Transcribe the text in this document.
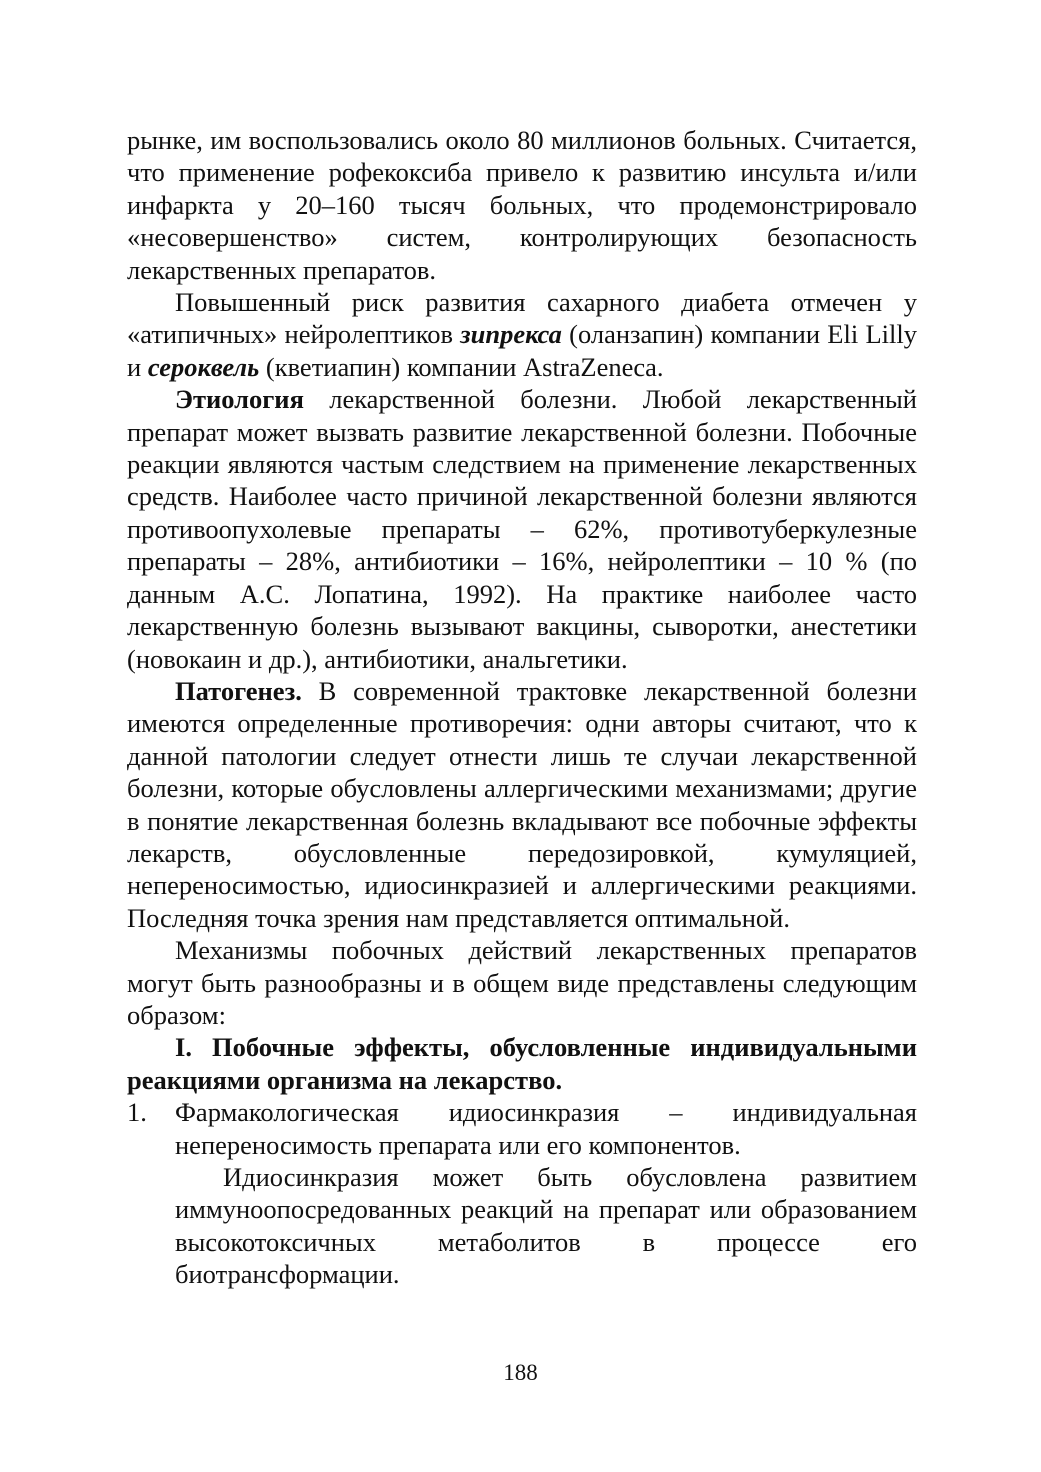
рынке, им воспользовались около 80 миллионов больных. Считается, что применение рофекоксиба привело к развитию инсульта и/или инфаркта у 20–160 тысяч больных, что продемонстрировало «несовершенство» систем, контролирующих безопасность лекарственных препаратов.

Повышенный риск развития сахарного диабета отмечен у «атипичных» нейролептиков зипрекса (оланзапин) компании Eli Lilly и сероквель (кветиапин) компании AstraZeneca.

Этиология лекарственной болезни. Любой лекарственный препарат может вызвать развитие лекарственной болезни. Побочные реакции являются частым следствием на применение лекарственных средств. Наиболее часто причиной лекарственной болезни являются противоопухолевые препараты – 62%, противотуберкулезные препараты – 28%, антибиотики – 16%, нейролептики – 10 % (по данным А.С. Лопатина, 1992). На практике наиболее часто лекарственную болезнь вызывают вакцины, сыворотки, анестетики (новокаин и др.), антибиотики, анальгетики.

Патогенез. В современной трактовке лекарственной болезни имеются определенные противоречия: одни авторы считают, что к данной патологии следует отнести лишь те случаи лекарственной болезни, которые обусловлены аллергическими механизмами; другие в понятие лекарственная болезнь вкладывают все побочные эффекты лекарств, обусловленные передозировкой, кумуляцией, непереносимостью, идиосинкразией и аллергическими реакциями. Последняя точка зрения нам представляется оптимальной.

Механизмы побочных действий лекарственных препаратов могут быть разнообразны и в общем виде представлены следующим образом:

I. Побочные эффекты, обусловленные индивидуальными реакциями организма на лекарство.

1.	Фармакологическая идиосинкразия – индивидуальная непереносимость препарата или его компонентов.

Идиосинкразия может быть обусловлена развитием иммуноопосредованных реакций на препарат или образованием высокотоксичных метаболитов в процессе его биотрансформации.

188
